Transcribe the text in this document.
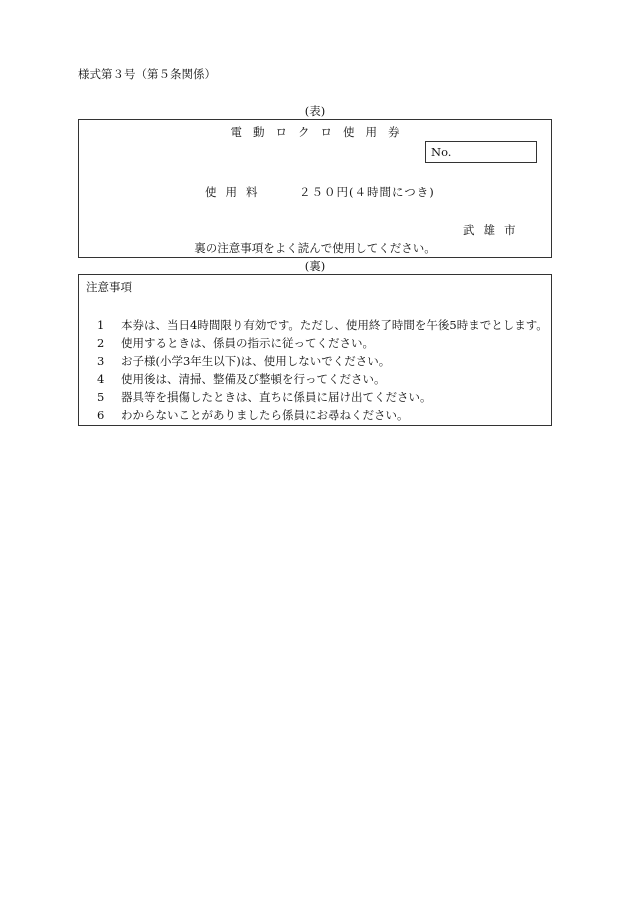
様式第３号（第５条関係）
(表)
電動ロクロ使用券
No.
使用料	２５０円(４時間につき)
武雄市
裏の注意事項をよく読んで使用してください。
(裏)
注意事項
1 本券は、当日4時間限り有効です。ただし、使用終了時間を午後5時までとします。
2 使用するときは、係員の指示に従ってください。
3 お子様(小学3年生以下)は、使用しないでください。
4 使用後は、清掃、整備及び整頓を行ってください。
5 器具等を損傷したときは、直ちに係員に届け出てください。
6 わからないことがありましたら係員にお尋ねください。
